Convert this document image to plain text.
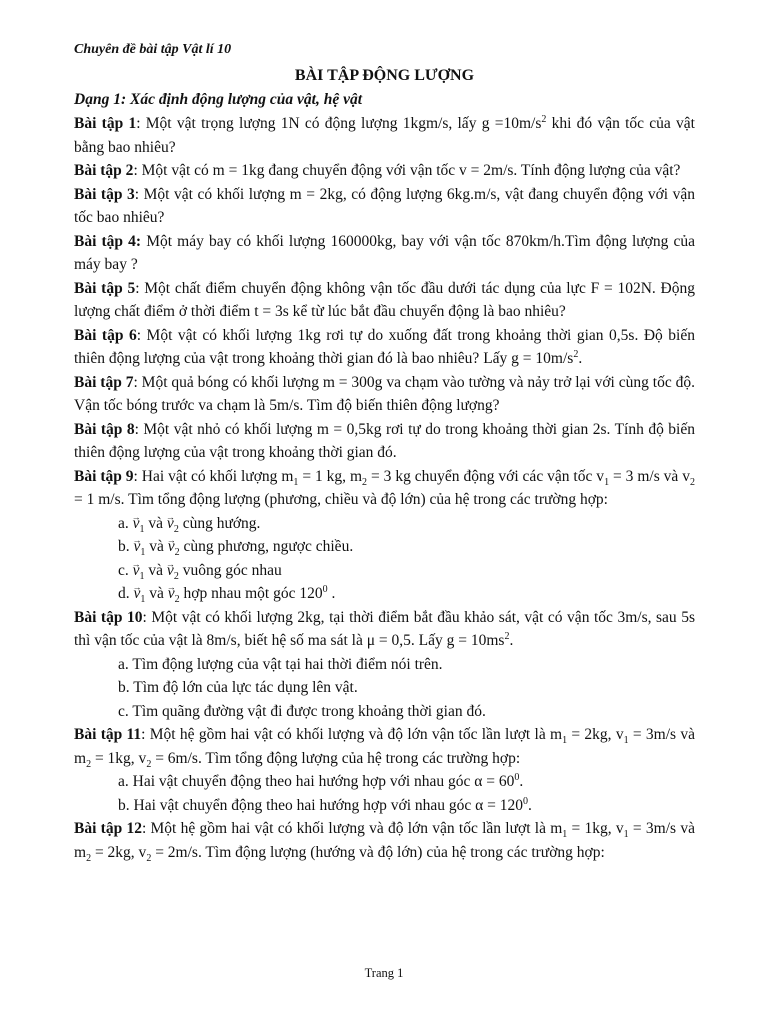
Chuyên đề bài tập Vật lí 10

BÀI TẬP ĐỘNG LƯỢNG

Dạng 1: Xác định động lượng của vật, hệ vật

Bài tập 1: Một vật trọng lượng 1N có động lượng 1kgm/s, lấy $g =10m/s^2$ khi đó vận tốc của vật bằng bao nhiêu?

Bài tập 2: Một vật có m = 1kg đang chuyển động với vận tốc v = 2m/s. Tính động lượng của vật?

Bài tập 3: Một vật có khối lượng m = 2kg, có động lượng 6kg.m/s, vật đang chuyển động với vận tốc bao nhiêu?

Bài tập 4: Một máy bay có khối lượng 160000kg, bay với vận tốc 870km/h.Tìm động lượng của máy bay ?

Bài tập 5: Một chất điểm chuyển động không vận tốc đầu dưới tác dụng của lực F = 102N. Động lượng chất điểm ở thời điểm t = 3s kể từ lúc bắt đầu chuyển động là bao nhiêu?

Bài tập 6: Một vật có khối lượng 1kg rơi tự do xuống đất trong khoảng thời gian 0,5s. Độ biến thiên động lượng của vật trong khoảng thời gian đó là bao nhiêu? Lấy $g = 10m/s^2$.

Bài tập 7: Một quả bóng có khối lượng m = 300g va chạm vào tường và nảy trở lại với cùng tốc độ. Vận tốc bóng trước va chạm là 5m/s. Tìm độ biến thiên động lượng?

Bài tập 8: Một vật nhỏ có khối lượng m = 0,5kg rơi tự do trong khoảng thời gian 2s. Tính độ biến thiên động lượng của vật trong khoảng thời gian đó.

Bài tập 9: Hai vật có khối lượng $m_1 = 1$ kg, $m_2 = 3$ kg chuyển động với các vận tốc $v_1 = 3$ m/s và $v_2 = 1$ m/s. Tìm tổng động lượng (phương, chiều và độ lớn) của hệ trong các trường hợp:

a. → $v_1$ và → $v_2$ cùng hướng.

b. → $v_1$ và → $v_2$ cùng phương, ngược chiều.

c. → $v_1$ và → $v_2$ vuông góc nhau

d. → $v_1$ và → $v_2$ hợp nhau một góc $120^0$ .

Bài tập 10: Một vật có khối lượng 2kg, tại thời điểm bắt đầu khảo sát, vật có vận tốc 3m/s, sau 5s thì vận tốc của vật là 8m/s, biết hệ số ma sát là μ = 0,5. Lấy $g = 10ms^2$.

a. Tìm động lượng của vật tại hai thời điểm nói trên.

b. Tìm độ lớn của lực tác dụng lên vật.

c. Tìm quãng đường vật đi được trong khoảng thời gian đó.

Bài tập 11: Một hệ gồm hai vật có khối lượng và độ lớn vận tốc lần lượt là $m_1 = 2kg$, $v_1 = 3m/s$ và $m_2 = 1kg$, $v_2 = 6m/s$. Tìm tổng động lượng của hệ trong các trường hợp:

a. Hai vật chuyển động theo hai hướng hợp với nhau góc $\alpha = 60^0$.

b. Hai vật chuyển động theo hai hướng hợp với nhau góc $\alpha = 120^0$.

Bài tập 12: Một hệ gồm hai vật có khối lượng và độ lớn vận tốc lần lượt là $m_1 = 1kg$, $v_1 = 3m/s$ và $m_2 = 2kg$, $v_2 = 2m/s$. Tìm động lượng (hướng và độ lớn) của hệ trong các trường hợp:

Trang 1
